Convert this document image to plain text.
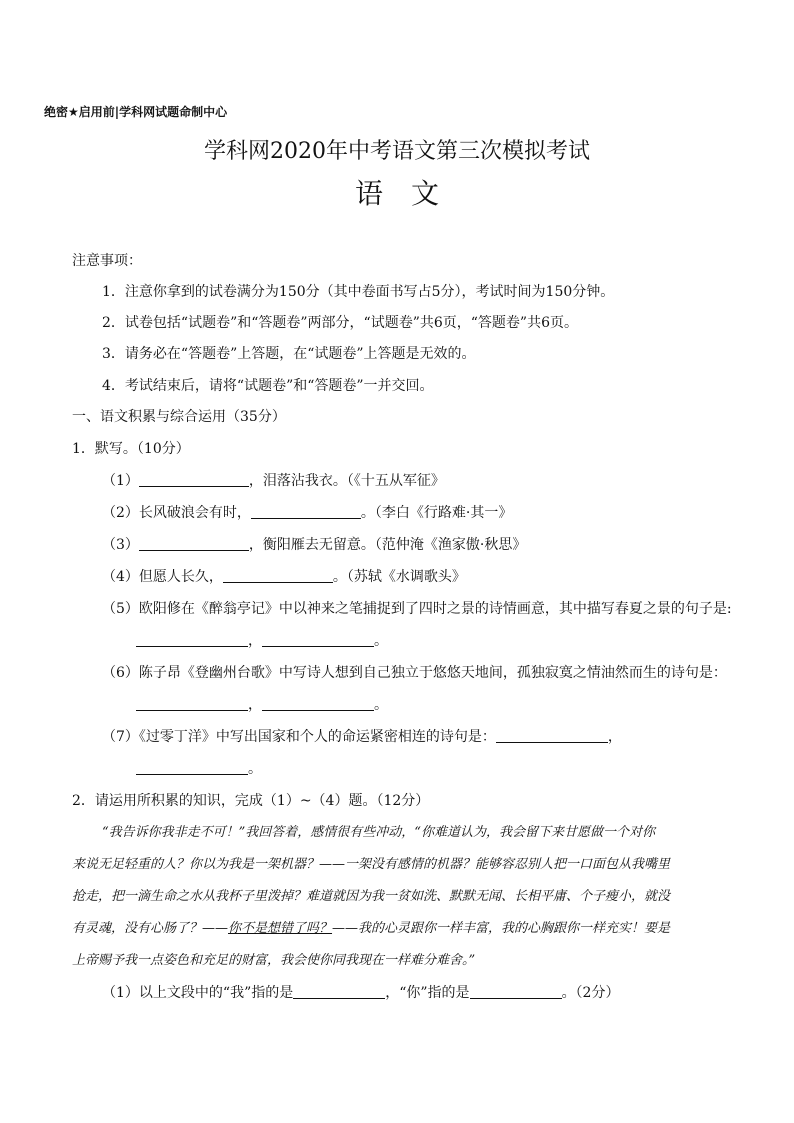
绝密★启用前|学科网试题命制中心
学科网2020年中考语文第三次模拟考试
语文
注意事项：
1．注意你拿到的试卷满分为150分（其中卷面书写占5分），考试时间为150分钟。
2．试卷包括“试题卷”和“答题卷”两部分，“试题卷”共6页，“答题卷”共6页。
3．请务必在“答题卷”上答题，在“试题卷”上答题是无效的。
4．考试结束后，请将“试题卷”和“答题卷”一并交回。
一、语文积累与综合运用（35分）
1．默写。（10分）
（1）	，泪落沾我衣。（《十五从军征》
（2）长风破浪会有时，	。（李白《行路难·其一》
（3）	，衡阳雁去无留意。（范仲淹《渔家傲·秋思》
（4）但愿人长久，	。（苏轼《水调歌头》
（5）欧阳修在《醉翁亭记》中以神来之笔捕捉到了四时之景的诗情画意，其中描写春夏之景的句子是:
，	。
（6）陈子昂《登幽州台歌》中写诗人想到自己独立于悠悠天地间，孤独寂寞之情油然而生的诗句是：
，	。
（7）《过零丁洋》中写出国家和个人的命运紧密相连的诗句是：	，
。
2．请运用所积累的知识，完成（1）~（4）题。（12分）
“我告诉你我非走不可！”我回答着，感情很有些冲动，“你难道认为，我会留下来甘愿做一个对你
来说无足轻重的人？你以为我是一架机器？——一架没有感情的机器？能够容忍别人把一口面包从我嘴里
抢走，把一滴生命之水从我杯子里泼掉？难道就因为我一贫如洗、默默无闻、长相平庸、个子瘦小，就没
有灵魂，没有心肠了？——你不是想错了吗？——我的心灵跟你一样丰富，我的心胸跟你一样充实！要是
上帝赐予我一点姿色和充足的财富，我会使你同我现在一样难分难舍。”
（1）以上文段中的“我”指的是	，“你”指的是	。（2分）
